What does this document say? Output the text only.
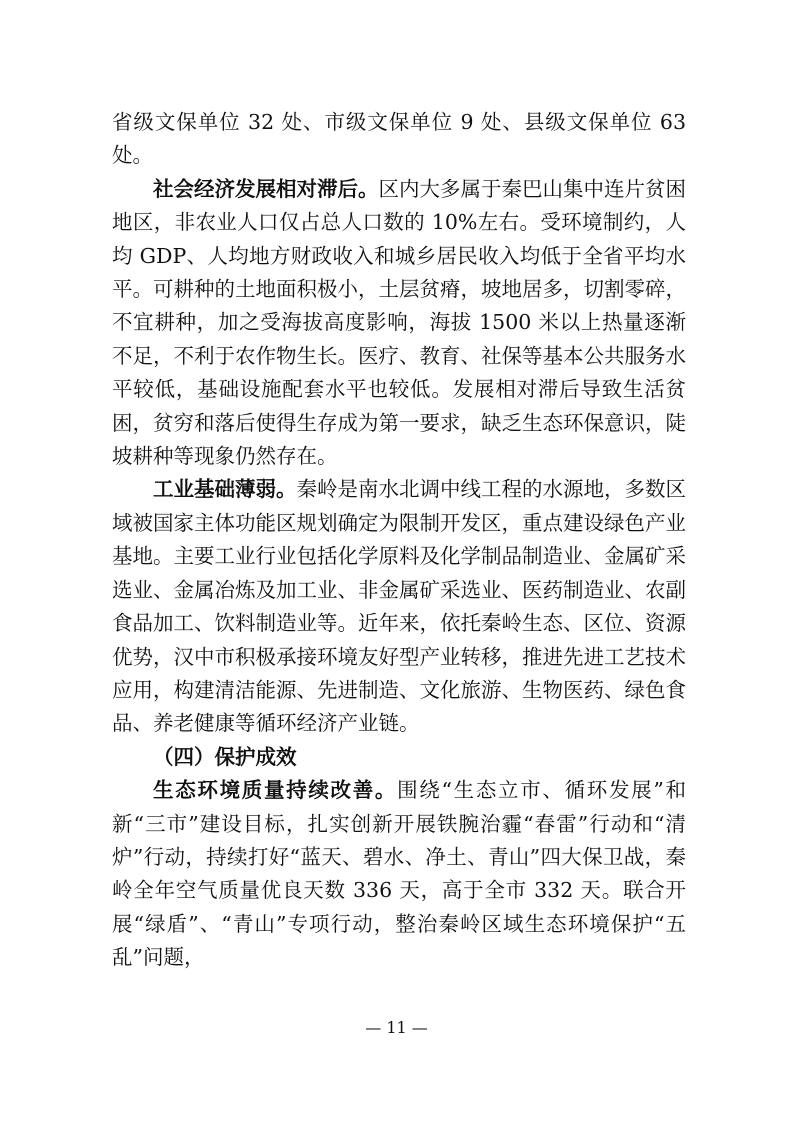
省级文保单位 32 处、市级文保单位 9 处、县级文保单位 63 处。

社会经济发展相对滞后。区内大多属于秦巴山集中连片贫困地区，非农业人口仅占总人口数的 10%左右。受环境制约，人均 GDP、人均地方财政收入和城乡居民收入均低于全省平均水平。可耕种的土地面积极小，土层贫瘠，坡地居多，切割零碎，不宜耕种，加之受海拔高度影响，海拔 1500 米以上热量逐渐不足，不利于农作物生长。医疗、教育、社保等基本公共服务水平较低，基础设施配套水平也较低。发展相对滞后导致生活贫困，贫穷和落后使得生存成为第一要求，缺乏生态环保意识，陡坡耕种等现象仍然存在。

工业基础薄弱。秦岭是南水北调中线工程的水源地，多数区域被国家主体功能区规划确定为限制开发区，重点建设绿色产业基地。主要工业行业包括化学原料及化学制品制造业、金属矿采选业、金属冶炼及加工业、非金属矿采选业、医药制造业、农副食品加工、饮料制造业等。近年来，依托秦岭生态、区位、资源优势，汉中市积极承接环境友好型产业转移，推进先进工艺技术应用，构建清洁能源、先进制造、文化旅游、生物医药、绿色食品、养老健康等循环经济产业链。

（四）保护成效

生态环境质量持续改善。围绕“生态立市、循环发展”和新“三市”建设目标，扎实创新开展铁腕治霾“春雷”行动和“清炉”行动，持续打好“蓝天、碧水、净土、青山”四大保卫战，秦岭全年空气质量优良天数 336 天，高于全市 332 天。联合开展“绿盾”、“青山”专项行动，整治秦岭区域生态环境保护“五乱”问题，

— 11 —
